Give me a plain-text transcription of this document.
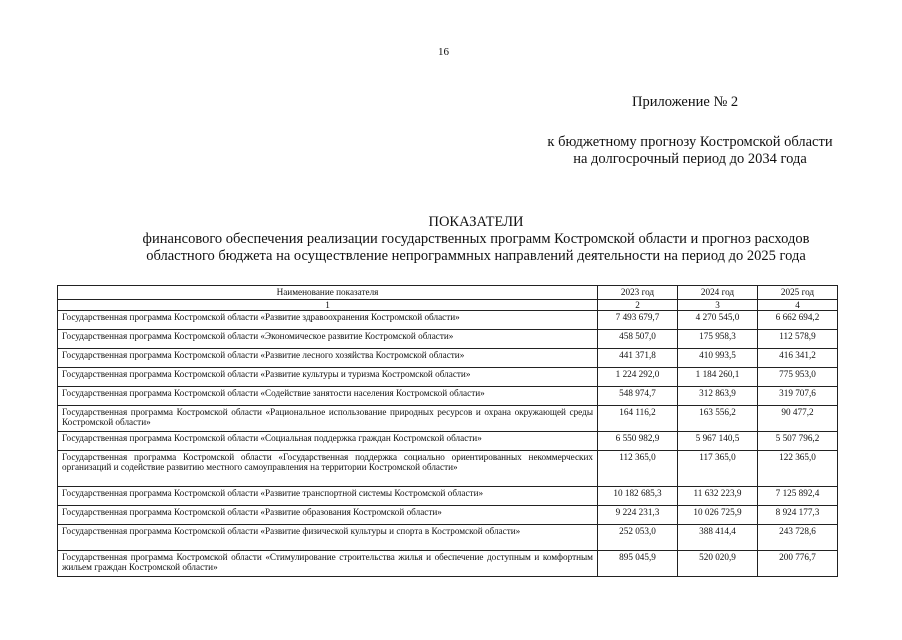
16
Приложение № 2
к бюджетному прогнозу Костромской области
на долгосрочный период до 2034 года
ПОКАЗАТЕЛИ
финансового обеспечения реализации государственных программ Костромской области и прогноз расходов
областного бюджета на осуществление непрограммных направлений деятельности на период до 2025 года
Наименование показателя	2023 год	2024 год	2025 год
1	2	3	4
Государственная программа Костромской области «Развитие здравоохранения Костромской области»	7 493 679,7	4 270 545,0	6 662 694,2
Государственная программа Костромской области «Экономическое развитие Костромской области»	458 507,0	175 958,3	112 578,9
Государственная программа Костромской области «Развитие лесного хозяйства Костромской области»	441 371,8	410 993,5	416 341,2
Государственная программа Костромской области «Развитие культуры и туризма Костромской области»	1 224 292,0	1 184 260,1	775 953,0
Государственная программа Костромской области «Содействие занятости населения Костромской области»	548 974,7	312 863,9	319 707,6
Государственная программа Костромской области «Рациональное использование природных ресурсов и охрана окружающей среды Костромской области»	164 116,2	163 556,2	90 477,2
Государственная программа Костромской области «Социальная поддержка граждан Костромской области»	6 550 982,9	5 967 140,5	5 507 796,2
Государственная программа Костромской области «Государственная поддержка социально ориентированных некоммерческих организаций и содействие развитию местного самоуправления на территории Костромской области»	112 365,0	117 365,0	122 365,0
Государственная программа Костромской области «Развитие транспортной системы Костромской области»	10 182 685,3	11 632 223,9	7 125 892,4
Государственная программа Костромской области «Развитие образования Костромской области»	9 224 231,3	10 026 725,9	8 924 177,3
Государственная программа Костромской области «Развитие физической культуры и спорта в Костромской области»	252 053,0	388 414,4	243 728,6
Государственная программа Костромской области «Стимулирование строительства жилья и обеспечение доступным и комфортным жильем граждан Костромской области»	895 045,9	520 020,9	200 776,7
